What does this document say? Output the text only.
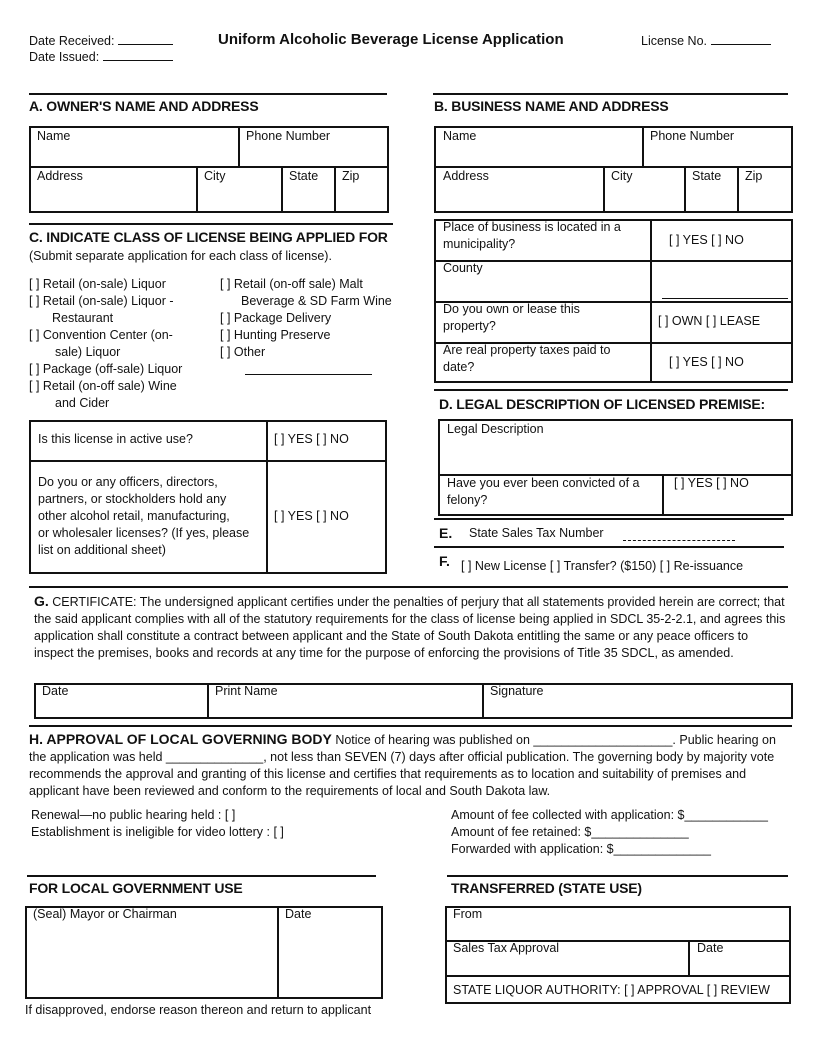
Date Received:
Date Issued:
Uniform Alcoholic Beverage License Application	License No.
A. OWNER'S NAME AND ADDRESS
Name	Phone Number
Address	City	State Zip
B. BUSINESS NAME AND ADDRESS
Name	Phone Number
Address	City	State Zip
Place of business is located in a
municipality?	[ ] YES [ ] NO
County
Do you own or lease this
property?	[ ] OWN [ ] LEASE
Are real property taxes paid to
date?	[ ] YES [ ] NO
C. INDICATE CLASS OF LICENSE BEING APPLIED FOR
(Submit separate application for each class of license).
[ ] Retail (on-sale) Liquor
[ ] Retail (on-sale) Liquor -
Restaurant
[ ] Convention Center (on-
sale) Liquor
[ ] Package (off-sale) Liquor
[ ] Retail (on-off sale) Wine
and Cider
[ ] Retail (on-off sale) Malt
Beverage & SD Farm Wine
[ ] Package Delivery
[ ] Hunting Preserve
[ ] Other
Is this license in active use?	[ ] YES [ ] NO
Do you or any officers, directors,
partners, or stockholders hold any
other alcohol retail, manufacturing,
or wholesaler licenses? (If yes, please
list on additional sheet)
[ ] YES [ ] NO
D. LEGAL DESCRIPTION OF LICENSED PREMISE:
Legal Description
Have you ever been convicted of a
felony?
[ ] YES [ ] NO
E. State Sales Tax Number
F. [ ] New License [ ] Transfer? ($150) [ ] Re-issuance
G. CERTIFICATE: The undersigned applicant certifies under the penalties of perjury that all statements provided herein are correct; that the said applicant complies with all of the statutory requirements for the class of license being applied in SDCL 35-2-2.1, and agrees this application shall constitute a contract between applicant and the State of South Dakota entitling the same or any peace officers to inspect the premises, books and records at any time for the purpose of enforcing the provisions of Title 35 SDCL, as amended.
Date	Print Name	Signature
H. APPROVAL OF LOCAL GOVERNING BODY Notice of hearing was published on ____________________. Public hearing on the application was held ______________, not less than SEVEN (7) days after official publication. The governing body by majority vote recommends the approval and granting of this license and certifies that requirements as to location and suitability of premises and applicant have been reviewed and conform to the requirements of local and South Dakota law.
Renewal—no public hearing held : [ ]
Establishment is ineligible for video lottery : [ ]
Amount of fee collected with application: $____________
Amount of fee retained: $______________
Forwarded with application: $______________
FOR LOCAL GOVERNMENT USE
(Seal) Mayor or Chairman	Date
If disapproved, endorse reason thereon and return to applicant
TRANSFERRED (STATE USE)
From
Sales Tax Approval	Date
STATE LIQUOR AUTHORITY: [ ] APPROVAL [ ] REVIEW
